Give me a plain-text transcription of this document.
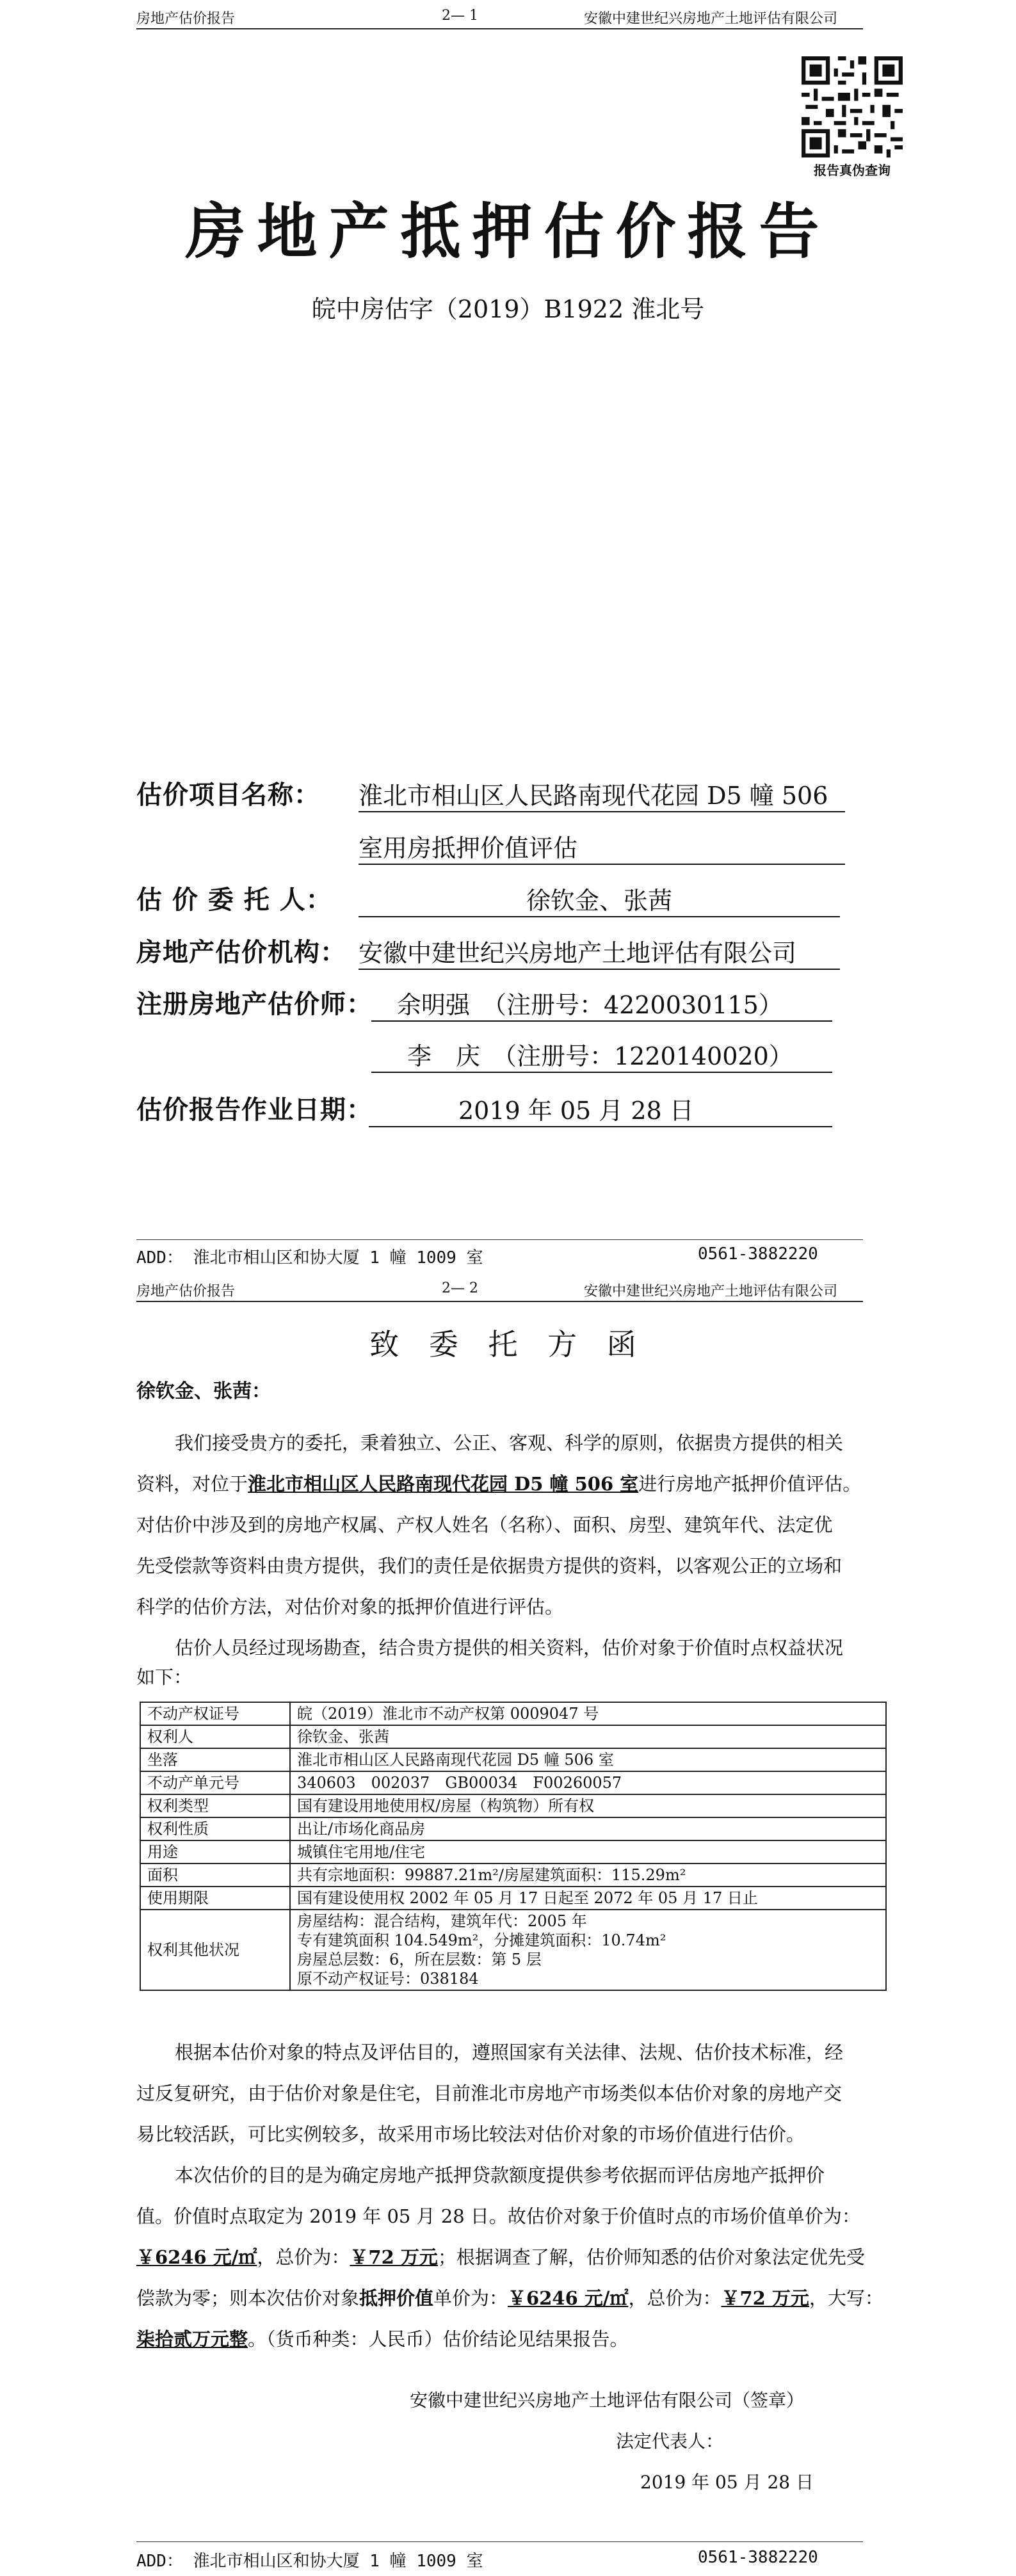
房地产估价报告	2— 1	安徽中建世纪兴房地产土地评估有限公司
报告真伪查询
房地产抵押估价报告
皖中房估字（2019）B1922 淮北号
估价项目名称： 淮北市相山区人民路南现代花园 D5 幢 506
室用房抵押价值评估
估 价 委 托 人：	徐钦金、张茜
房地产估价机构： 安徽中建世纪兴房地产土地评估有限公司
注册房地产估价师：	余明强　（注册号：4220030115）
李　庆　（注册号：1220140020）
估价报告作业日期：	2019 年 05 月 28 日
ADD： 淮北市相山区和协大厦 1 幢 1009 室	0561-3882220
房地产估价报告	2— 2	安徽中建世纪兴房地产土地评估有限公司
致 委 托 方 函
徐钦金、张茜：
我们接受贵方的委托，秉着独立、公正、客观、科学的原则，依据贵方提供的相关
资料，对位于淮北市相山区人民路南现代花园 D5 幢 506 室进行房地产抵押价值评估。
对估价中涉及到的房地产权属、产权人姓名（名称）、面积、房型、建筑年代、法定优
先受偿款等资料由贵方提供，我们的责任是依据贵方提供的资料，以客观公正的立场和
科学的估价方法，对估价对象的抵押价值进行评估。
估价人员经过现场勘查，结合贵方提供的相关资料，估价对象于价值时点权益状况
如下：
不动产权证号	皖（2019）淮北市不动产权第 0009047 号
权利人	徐钦金、张茜
坐落	淮北市相山区人民路南现代花园 D5 幢 506 室
不动产单元号	340603　002037　GB00034　F00260057
权利类型	国有建设用地使用权/房屋（构筑物）所有权
权利性质	出让/市场化商品房
用途	城镇住宅用地/住宅
面积	共有宗地面积：99887.21m²/房屋建筑面积：115.29m²
使用期限	国有建设使用权 2002 年 05 月 17 日起至 2072 年 05 月 17 日止
权利其他状况	房屋结构：混合结构，建筑年代：2005 年
专有建筑面积 104.549m²，分摊建筑面积：10.74m²
房屋总层数：6，所在层数：第 5 层
原不动产权证号：038184
根据本估价对象的特点及评估目的，遵照国家有关法律、法规、估价技术标准，经
过反复研究，由于估价对象是住宅，目前淮北市房地产市场类似本估价对象的房地产交
易比较活跃，可比实例较多，故采用市场比较法对估价对象的市场价值进行估价。
本次估价的目的是为确定房地产抵押贷款额度提供参考依据而评估房地产抵押价
值。价值时点取定为 2019 年 05 月 28 日。故估价对象于价值时点的市场价值单价为：
￥6246 元/㎡，总价为：￥72 万元；根据调查了解，估价师知悉的估价对象法定优先受
偿款为零；则本次估价对象抵押价值单价为：￥6246 元/㎡，总价为：￥72 万元，大写：
柒拾贰万元整。（货币种类：人民币）估价结论见结果报告。
安徽中建世纪兴房地产土地评估有限公司（签章）
法定代表人：
2019 年 05 月 28 日
ADD： 淮北市相山区和协大厦 1 幢 1009 室	0561-3882220
